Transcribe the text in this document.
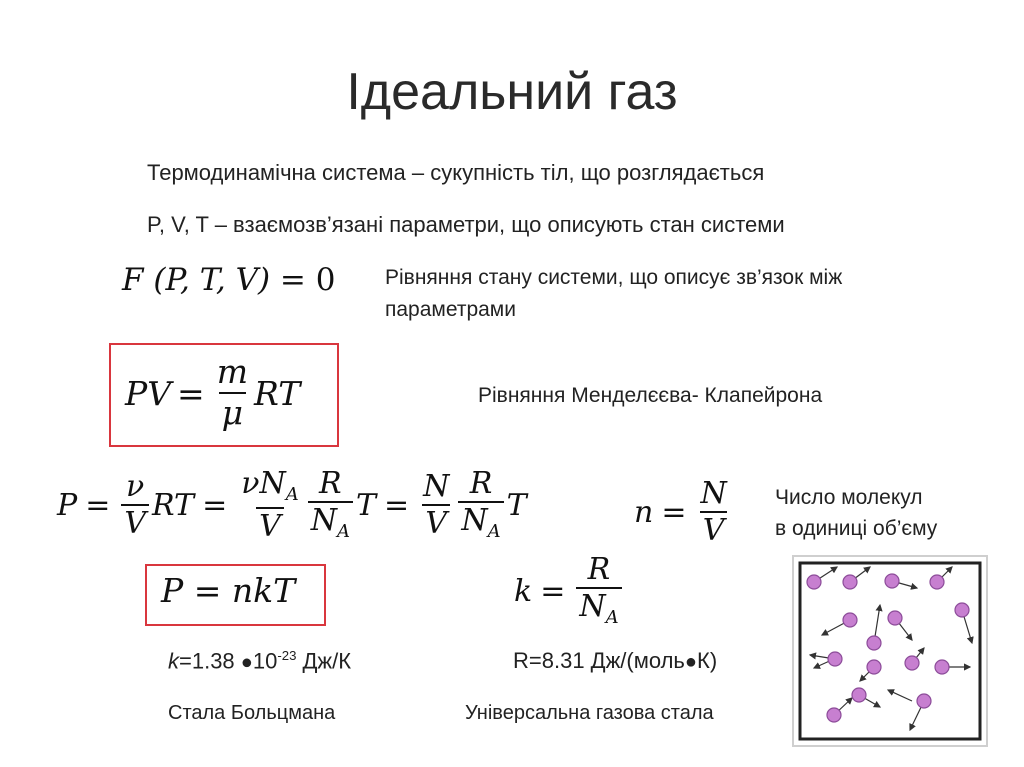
Ідеальний газ
Термодинамічна система – сукупність тіл, що розглядається
P, V, T – взаємозв’язані параметри, що описують стан системи
F (P, T, V) = 0 Рівняння стану системи, що описує зв’язок між
параметрами
PV = $\frac{m}{\mu}$ RT	Рівняння Менделєєва- Клапейрона
$P = \frac{\nu}{V}$ RT = $\frac{\nu N_A}{V} \frac{R}{N_A}$ $T = \frac{N}{V} \frac{R}{N_A}$ T	$n = \frac{N}{V}$ Число молекул
в одиниці об’єму
P = nkT	$k = \frac{R}{N_A}$
k=1.38 $●10^{-23}$ Дж/К	R=8.31 Дж/(моль●К)
Стала Больцмана	Універсальна газова стала
